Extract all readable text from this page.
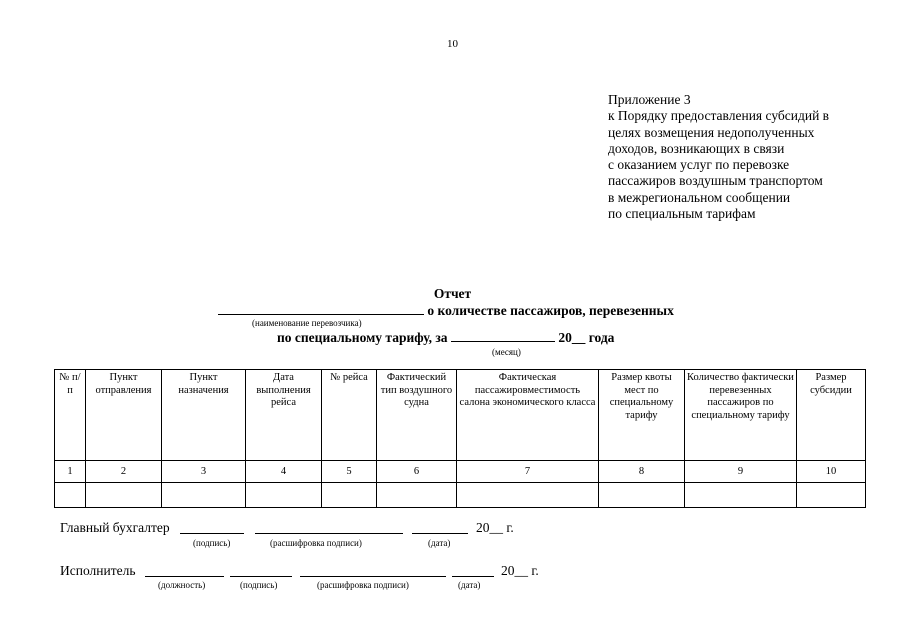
10
Приложение 3
к Порядку предоставления субсидий в
целях возмещения недополученных
доходов, возникающих в связи
с оказанием услуг по перевозке
пассажиров воздушным транспортом
в межрегиональном сообщении
по специальным тарифам
Отчет
о количестве пассажиров, перевезенных
(наименование перевозчика)
по специальному тарифу, за	20__ года
(месяц)
№ п/п	Пункт отправления	Пункт назначения	Дата выполнения рейса	№ рейса	Фактический тип воздушного судна	Фактическая пассажировместимость салона экономического класса	Размер квоты мест по специальному тарифу	Количество фактически перевезенных пассажиров по специальному тарифу	Размер субсидии
1	2	3	4	5	6	7	8	9	10

Главный бухгалтер	20__ г.
(подпись)	(расшифровка подписи)	(дата)
Исполнитель	20__ г.
(должность)	(подпись)	(расшифровка подписи)	(дата)
